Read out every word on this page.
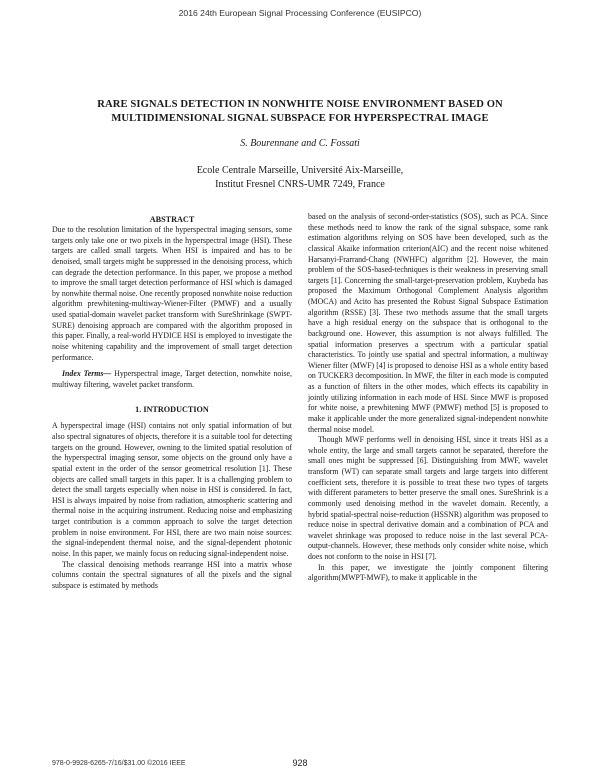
2016 24th European Signal Processing Conference (EUSIPCO)
RARE SIGNALS DETECTION IN NONWHITE NOISE ENVIRONMENT BASED ON MULTIDIMENSIONAL SIGNAL SUBSPACE FOR HYPERSPECTRAL IMAGE
S. Bourennane and C. Fossati
Ecole Centrale Marseille, Université Aix-Marseille,
Institut Fresnel CNRS-UMR 7249, France
ABSTRACT

Due to the resolution limitation of the hyperspectral imaging sensors, some targets only take one or two pixels in the hyperspectral image (HSI). These targets are called small targets. When HSI is impaired and has to be denoised, small targets might be suppressed in the denoising process, which can degrade the detection performance. In this paper, we propose a method to improve the small target detection performance of HSI which is damaged by nonwhite thermal noise. One recently proposed nonwhite noise reduction algorithm prewhitening-multiway-Wiener-Filter (PMWF) and a usually used spatial-domain wavelet packet transform with SureShrinkage (SWPT-SURE) denoising approach are compared with the algorithm proposed in this paper. Finally, a real-world HYDICE HSI is employed to investigate the noise whitening capability and the improvement of small target detection performance.

Index Terms— Hyperspectral image, Target detection, nonwhite noise, multiway filtering, wavelet packet transform.

1. INTRODUCTION

A hyperspectral image (HSI) contains not only spatial information of but also spectral signatures of objects, therefore it is a suitable tool for detecting targets on the ground. However, owning to the limited spatial resolution of the hyperspectral imaging sensor, some objects on the ground only have a spatial extent in the order of the sensor geometrical resolution [1]. These objects are called small targets in this paper. It is a challenging problem to detect the small targets especially when noise in HSI is considered. In fact, HSI is always impaired by noise from radiation, atmospheric scattering and thermal noise in the acquiring instrument. Reducing noise and emphasizing target contribution is a common approach to solve the target detection problem in noise environment. For HSI, there are two main noise sources: the signal-independent thermal noise, and the signal-dependent photonic noise. In this paper, we mainly focus on reducing signal-independent noise.

The classical denoising methods rearrange HSI into a matrix whose columns contain the spectral signatures of all the pixels and the signal subspace is estimated by methods

based on the analysis of second-order-statistics (SOS), such as PCA. Since these methods need to know the rank of the signal subspace, some rank estimation algorithms relying on SOS have been developed, such as the classical Akaike information criterion(AIC) and the recent noise whitened Harsanyi-Frarrand-Chang (NWHFC) algorithm [2]. However, the main problem of the SOS-based-techniques is their weakness in preserving small targets [1]. Concerning the small-target-preservation problem, Kuybeda has proposed the Maximum Orthogonal Complement Analysis algorithm (MOCA) and Acito has presented the Robust Signal Subspace Estimation algorithm (RSSE) [3]. These two methods assume that the small targets have a high residual energy on the subspace that is orthogonal to the background one. However, this assumption is not always fulfilled. The spatial information preserves a spectrum with a particular spatial characteristics. To jointly use spatial and spectral information, a multiway Wiener filter (MWF) [4] is proposed to denoise HSI as a whole entity based on TUCKER3 decomposition. In MWF, the filter in each mode is computed as a function of filters in the other modes, which effects its capability in jointly utilizing information in each mode of HSI. Since MWF is proposed for white noise, a prewhitening MWF (PMWF) method [5] is proposed to make it applicable under the more generalized signal-independent nonwhite thermal noise model.

Though MWF performs well in denoising HSI, since it treats HSI as a whole entity, the large and small targets cannot be separated, therefore the small ones might be suppressed [6]. Distinguishing from MWF, wavelet transform (WT) can separate small targets and large targets into different coefficient sets, therefore it is possible to treat these two types of targets with different parameters to better preserve the small ones. SureShrink is a commonly used denoising method in the wavelet domain. Recently, a hybrid spatial-spectral noise-reduction (HSSNR) algorithm was proposed to reduce noise in spectral derivative domain and a combination of PCA and wavelet shrinkage was proposed to reduce noise in the last several PCA-output-channels. However, these methods only consider white noise, which does not conform to the noise in HSI [7].

In this paper, we investigate the jointly component filtering algorithm(MWPT-MWF), to make it applicable in the

978-0-9928-6265-7/16/$31.00 ©2016 IEEE	928
